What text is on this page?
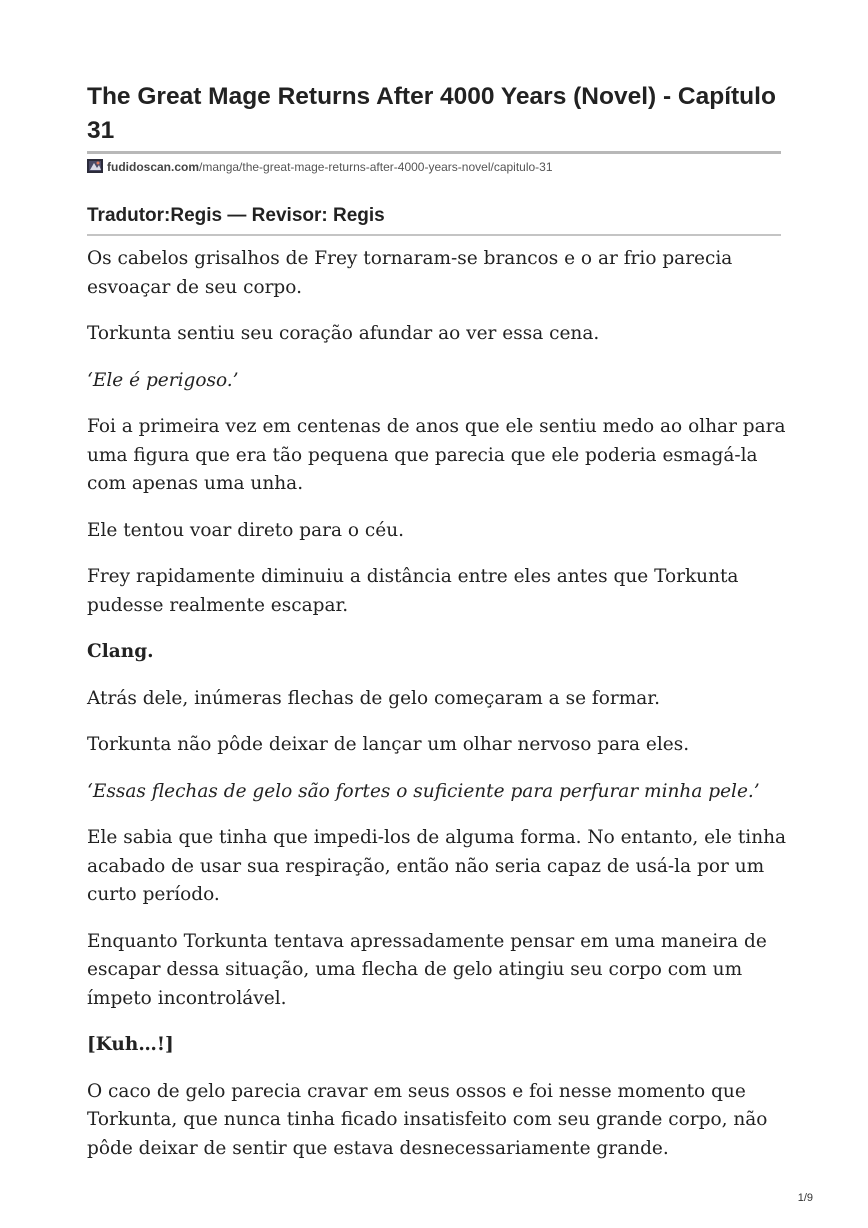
The Great Mage Returns After 4000 Years (Novel) - Capítulo 31
fudidoscan.com/manga/the-great-mage-returns-after-4000-years-novel/capitulo-31
Tradutor:Regis — Revisor: Regis

Os cabelos grisalhos de Frey tornaram-se brancos e o ar frio parecia esvoaçar de seu corpo.

Torkunta sentiu seu coração afundar ao ver essa cena.

‘Ele é perigoso.’

Foi a primeira vez em centenas de anos que ele sentiu medo ao olhar para uma figura que era tão pequena que parecia que ele poderia esmagá-la com apenas uma unha.

Ele tentou voar direto para o céu.

Frey rapidamente diminuiu a distância entre eles antes que Torkunta pudesse realmente escapar.

Clang.

Atrás dele, inúmeras flechas de gelo começaram a se formar.

Torkunta não pôde deixar de lançar um olhar nervoso para eles.

‘Essas flechas de gelo são fortes o suficiente para perfurar minha pele.’

Ele sabia que tinha que impedi-los de alguma forma. No entanto, ele tinha acabado de usar sua respiração, então não seria capaz de usá-la por um curto período.

Enquanto Torkunta tentava apressadamente pensar em uma maneira de escapar dessa situação, uma flecha de gelo atingiu seu corpo com um ímpeto incontrolável.

[Kuh…!]

O caco de gelo parecia cravar em seus ossos e foi nesse momento que Torkunta, que nunca tinha ficado insatisfeito com seu grande corpo, não pôde deixar de sentir que estava desnecessariamente grande.

1/9
